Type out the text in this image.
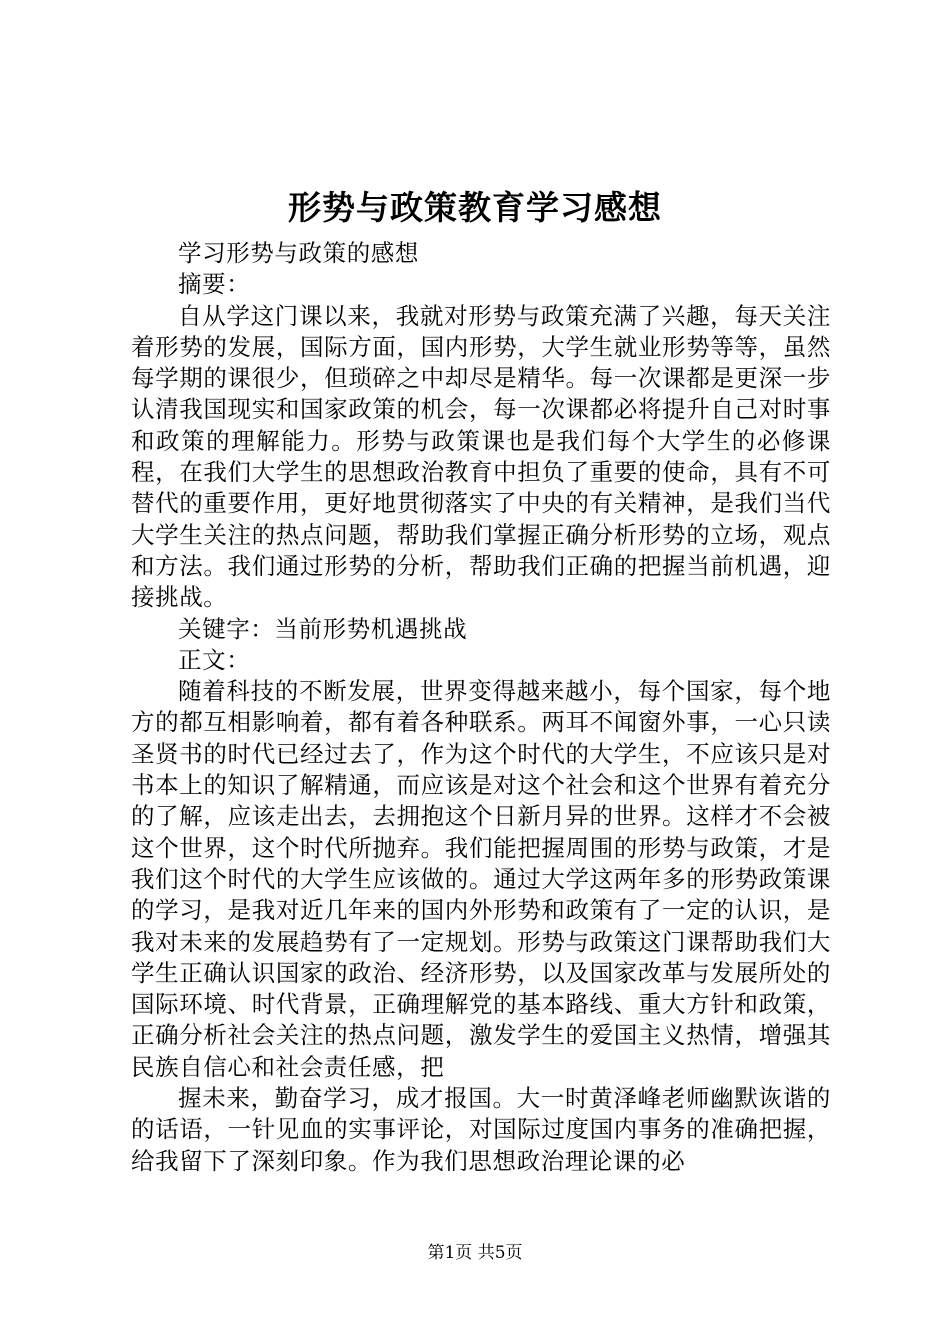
形势与政策教育学习感想

学习形势与政策的感想

摘要：

自从学这门课以来，我就对形势与政策充满了兴趣，每天关注着形势的发展，国际方面，国内形势，大学生就业形势等等，虽然每学期的课很少，但琐碎之中却尽是精华。每一次课都是更深一步认清我国现实和国家政策的机会，每一次课都必将提升自己对时事和政策的理解能力。形势与政策课也是我们每个大学生的必修课程，在我们大学生的思想政治教育中担负了重要的使命，具有不可替代的重要作用，更好地贯彻落实了中央的有关精神，是我们当代大学生关注的热点问题，帮助我们掌握正确分析形势的立场，观点和方法。我们通过形势的分析，帮助我们正确的把握当前机遇，迎接挑战。

关键字：当前形势机遇挑战

正文：

随着科技的不断发展，世界变得越来越小，每个国家，每个地方的都互相影响着，都有着各种联系。两耳不闻窗外事，一心只读圣贤书的时代已经过去了，作为这个时代的大学生，不应该只是对书本上的知识了解精通，而应该是对这个社会和这个世界有着充分的了解，应该走出去，去拥抱这个日新月异的世界。这样才不会被这个世界，这个时代所抛弃。我们能把握周围的形势与政策，才是我们这个时代的大学生应该做的。通过大学这两年多的形势政策课的学习，是我对近几年来的国内外形势和政策有了一定的认识，是我对未来的发展趋势有了一定规划。形势与政策这门课帮助我们大学生正确认识国家的政治、经济形势，以及国家改革与发展所处的国际环境、时代背景，正确理解党的基本路线、重大方针和政策，正确分析社会关注的热点问题，激发学生的爱国主义热情，增强其民族自信心和社会责任感，把

握未来，勤奋学习，成才报国。大一时黄泽峰老师幽默诙谐的的话语，一针见血的实事评论，对国际过度国内事务的准确把握，给我留下了深刻印象。作为我们思想政治理论课的必

第1页 共5页
